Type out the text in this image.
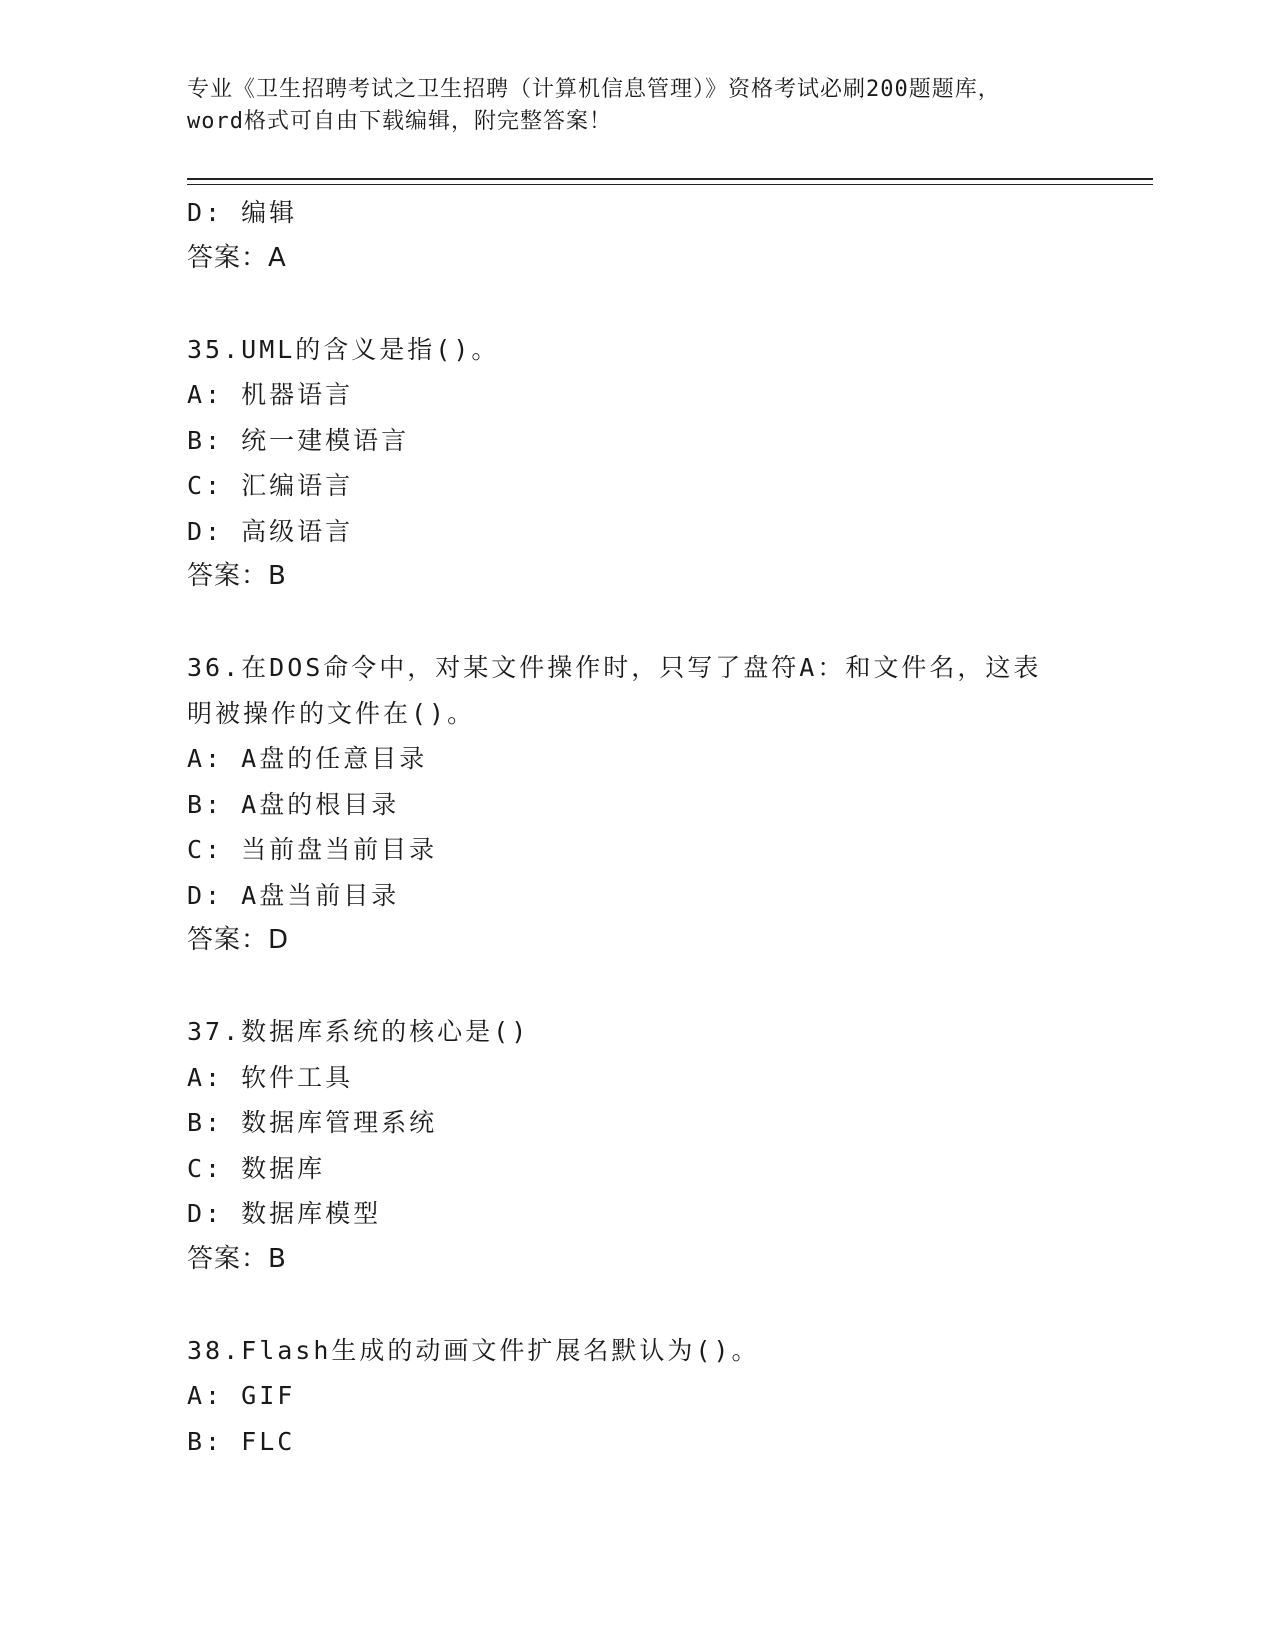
专业《卫生招聘考试之卫生招聘（计算机信息管理）》资格考试必刷200题题库，
word格式可自由下载编辑，附完整答案！
D: 编辑
答案：A
35.UML的含义是指()。
A: 机器语言
B: 统一建模语言
C: 汇编语言
D: 高级语言
答案：B
36.在DOS命令中，对某文件操作时，只写了盘符A：和文件名，这表
明被操作的文件在()。
A: A盘的任意目录
B: A盘的根目录
C: 当前盘当前目录
D: A盘当前目录
答案：D
37.数据库系统的核心是()
A: 软件工具
B: 数据库管理系统
C: 数据库
D: 数据库模型
答案：B
38.Flash生成的动画文件扩展名默认为()。
A: GIF
B: FLC
